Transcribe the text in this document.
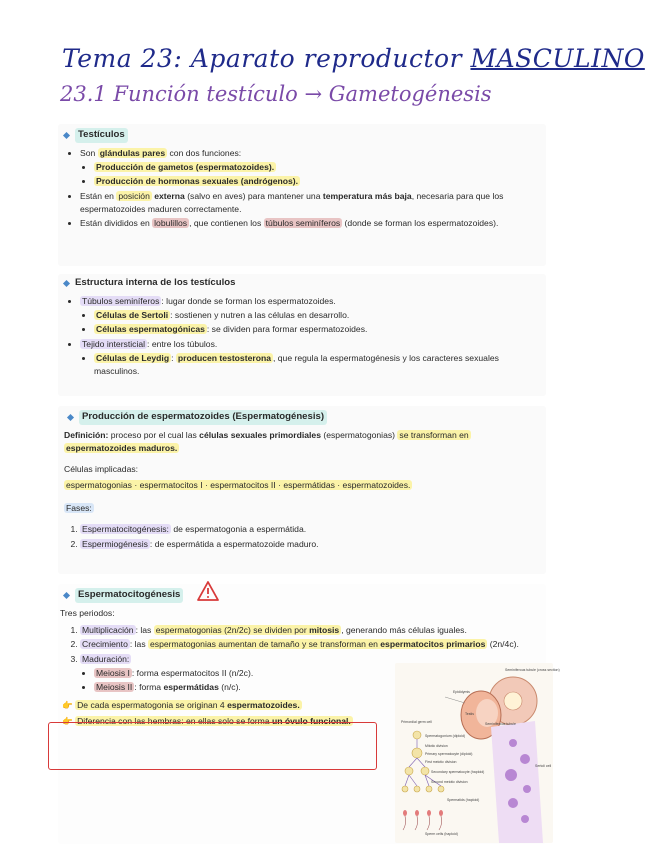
Tema 23: Aparato reproductor MASCULINO
23.1 Función testículo → Gametogénesis
Testículos
• Son glándulas pares con dos funciones:
• Producción de gametos (espermatozoides).
• Producción de hormonas sexuales (andrógenos).
• Están en posición externa (salvo en aves) para mantener una temperatura más baja, necesaria para que los espermatozoides maduren correctamente.
• Están divididos en lobulillos , que contienen los túbulos seminíferos (donde se forman los espermatozoides).
Estructura interna de los testículos
• Túbulos seminíferos : lugar donde se forman los espermatozoides.
• Células de Sertoli : sostienen y nutren a las células en desarrollo.
• Células espermatogónicas : se dividen para formar espermatozoides.
• Tejido intersticial : entre los túbulos.
• Células de Leydig : producen testosterona , que regula la espermatogénesis y los caracteres sexuales masculinos.
Producción de espermatozoides (Espermatogénesis)
Definición: proceso por el cual las células sexuales primordiales (espermatogonias) se transforman en espermatozoides maduros.
Células implicadas:
espermatogonias · espermatocitos I · espermatocitos II · espermátidas · espermatozoides.
Fases:
1. Espermatocitogénesis: de espermatogonia a espermátida.
2. Espermiogénesis : de espermátida a espermatozoide maduro.
Espermatocitogénesis
Tres periodos:
1. Multiplicación : las espermatogonias (2n/2c) se dividen por mitosis , generando más células iguales.
2. Crecimiento : las espermatogonias aumentan de tamaño y se transforman en espermatocitos primarios (2n/4c).
3. Maduración:
• Meiosis I : forma espermatocitos II (n/2c).
• Meiosis II : forma espermátidas (n/c).
👉 De cada espermatogonia se originan 4 espermatozoides.
👉 Diferencia con las hembras: en ellas solo se forma un óvulo funcional.
Seminiferous tubule (cross section)
Epididymis
Testis
Seminiferous tubule
Primordial germ cell
Spermatogonium (diploid)
Mitotic division
Primary spermatocyte (diploid)
First meiotic division
Secondary spermatocyte (haploid)
Second meiotic division
Spermatids (haploid)
Sperm cells (haploid)
Sertoli cell
